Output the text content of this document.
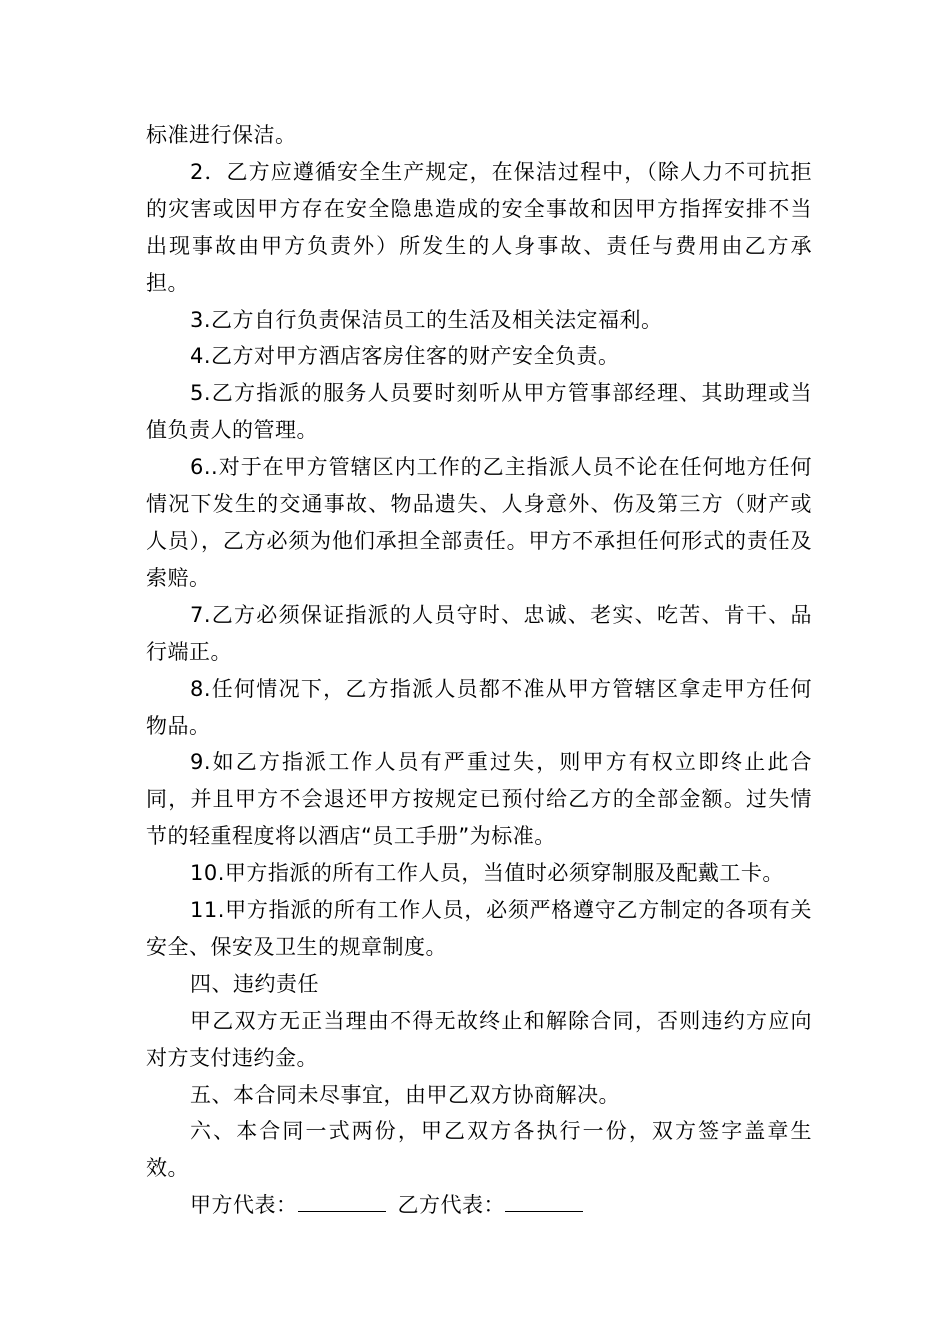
标准进行保洁。

2．乙方应遵循安全生产规定，在保洁过程中，（除人力不可抗拒的灾害或因甲方存在安全隐患造成的安全事故和因甲方指挥安排不当出现事故由甲方负责外）所发生的人身事故、责任与费用由乙方承担。

3.乙方自行负责保洁员工的生活及相关法定福利。

4.乙方对甲方酒店客房住客的财产安全负责。

5.乙方指派的服务人员要时刻听从甲方管事部经理、其助理或当值负责人的管理。

6..对于在甲方管辖区内工作的乙主指派人员不论在任何地方任何情况下发生的交通事故、物品遗失、人身意外、伤及第三方（财产或人员），乙方必须为他们承担全部责任。甲方不承担任何形式的责任及索赔。

7.乙方必须保证指派的人员守时、忠诚、老实、吃苦、肯干、品行端正。

8.任何情况下，乙方指派人员都不准从甲方管辖区拿走甲方任何物品。

9.如乙方指派工作人员有严重过失，则甲方有权立即终止此合同，并且甲方不会退还甲方按规定已预付给乙方的全部金额。过失情节的轻重程度将以酒店“员工手册”为标准。

10.甲方指派的所有工作人员，当值时必须穿制服及配戴工卡。

11.甲方指派的所有工作人员，必须严格遵守乙方制定的各项有关安全、保安及卫生的规章制度。

四、违约责任

甲乙双方无正当理由不得无故终止和解除合同，否则违约方应向对方支付违约金。

五、本合同未尽事宜，由甲乙双方协商解决。

六、本合同一式两份，甲乙双方各执行一份，双方签字盖章生效。

甲方代表：	乙方代表：
